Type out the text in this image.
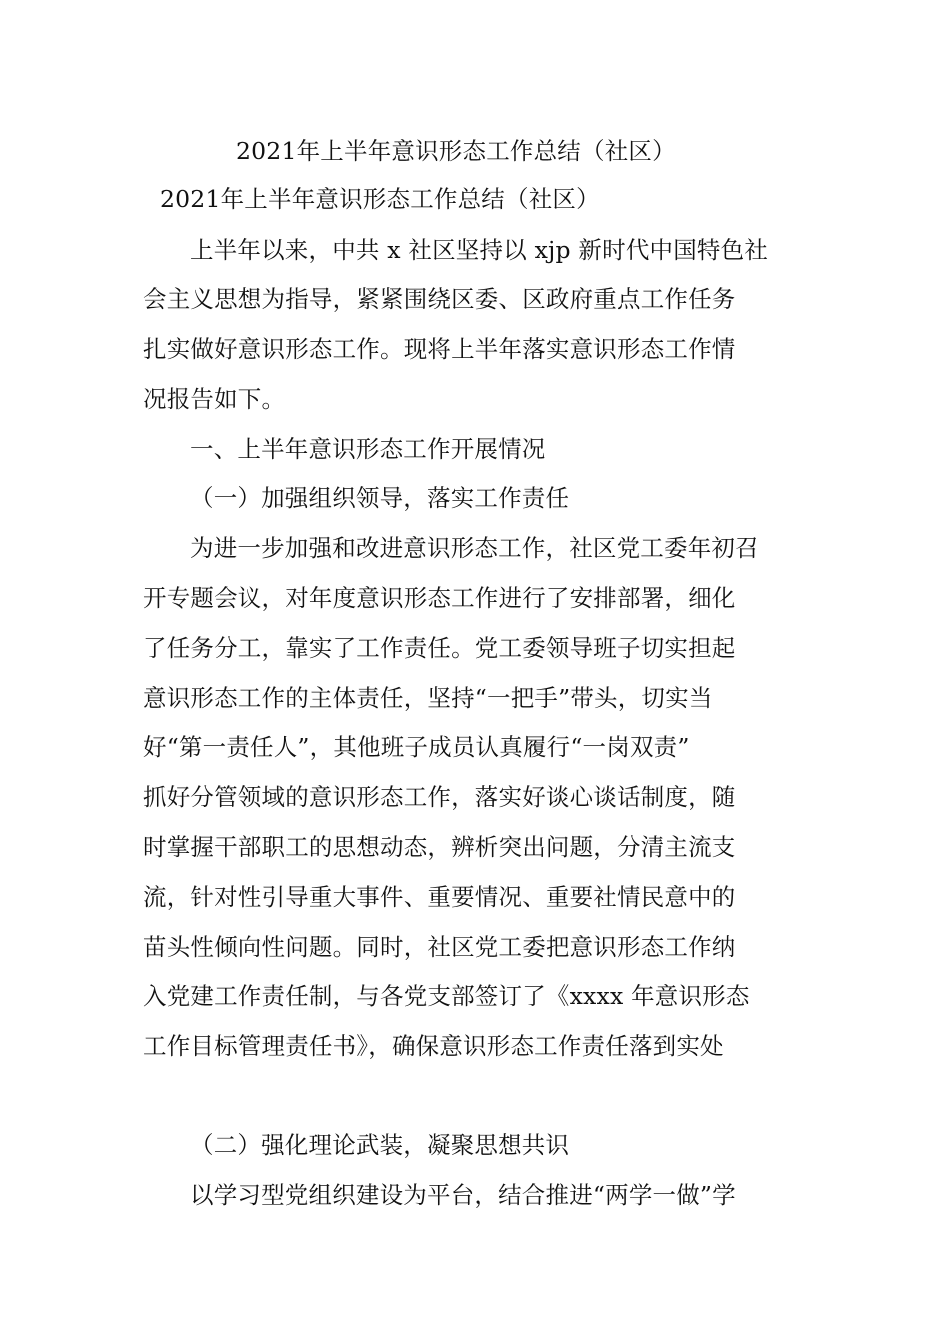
2021年上半年意识形态工作总结（社区）
2021年上半年意识形态工作总结（社区）
上半年以来，中共 x 社区坚持以 xjp 新时代中国特色社
会主义思想为指导，紧紧围绕区委、区政府重点工作任务
扎实做好意识形态工作。现将上半年落实意识形态工作情
况报告如下。
一、上半年意识形态工作开展情况
（一）加强组织领导，落实工作责任
为进一步加强和改进意识形态工作，社区党工委年初召
开专题会议，对年度意识形态工作进行了安排部署，细化
了任务分工，靠实了工作责任。党工委领导班子切实担起
意识形态工作的主体责任，坚持“一把手”带头，切实当
好“第一责任人”，其他班子成员认真履行“一岗双责”
抓好分管领域的意识形态工作，落实好谈心谈话制度，随
时掌握干部职工的思想动态，辨析突出问题，分清主流支
流，针对性引导重大事件、重要情况、重要社情民意中的
苗头性倾向性问题。同时，社区党工委把意识形态工作纳
入党建工作责任制，与各党支部签订了《xxxx 年意识形态
工作目标管理责任书》，确保意识形态工作责任落到实处
（二）强化理论武装，凝聚思想共识
以学习型党组织建设为平台，结合推进“两学一做”学
